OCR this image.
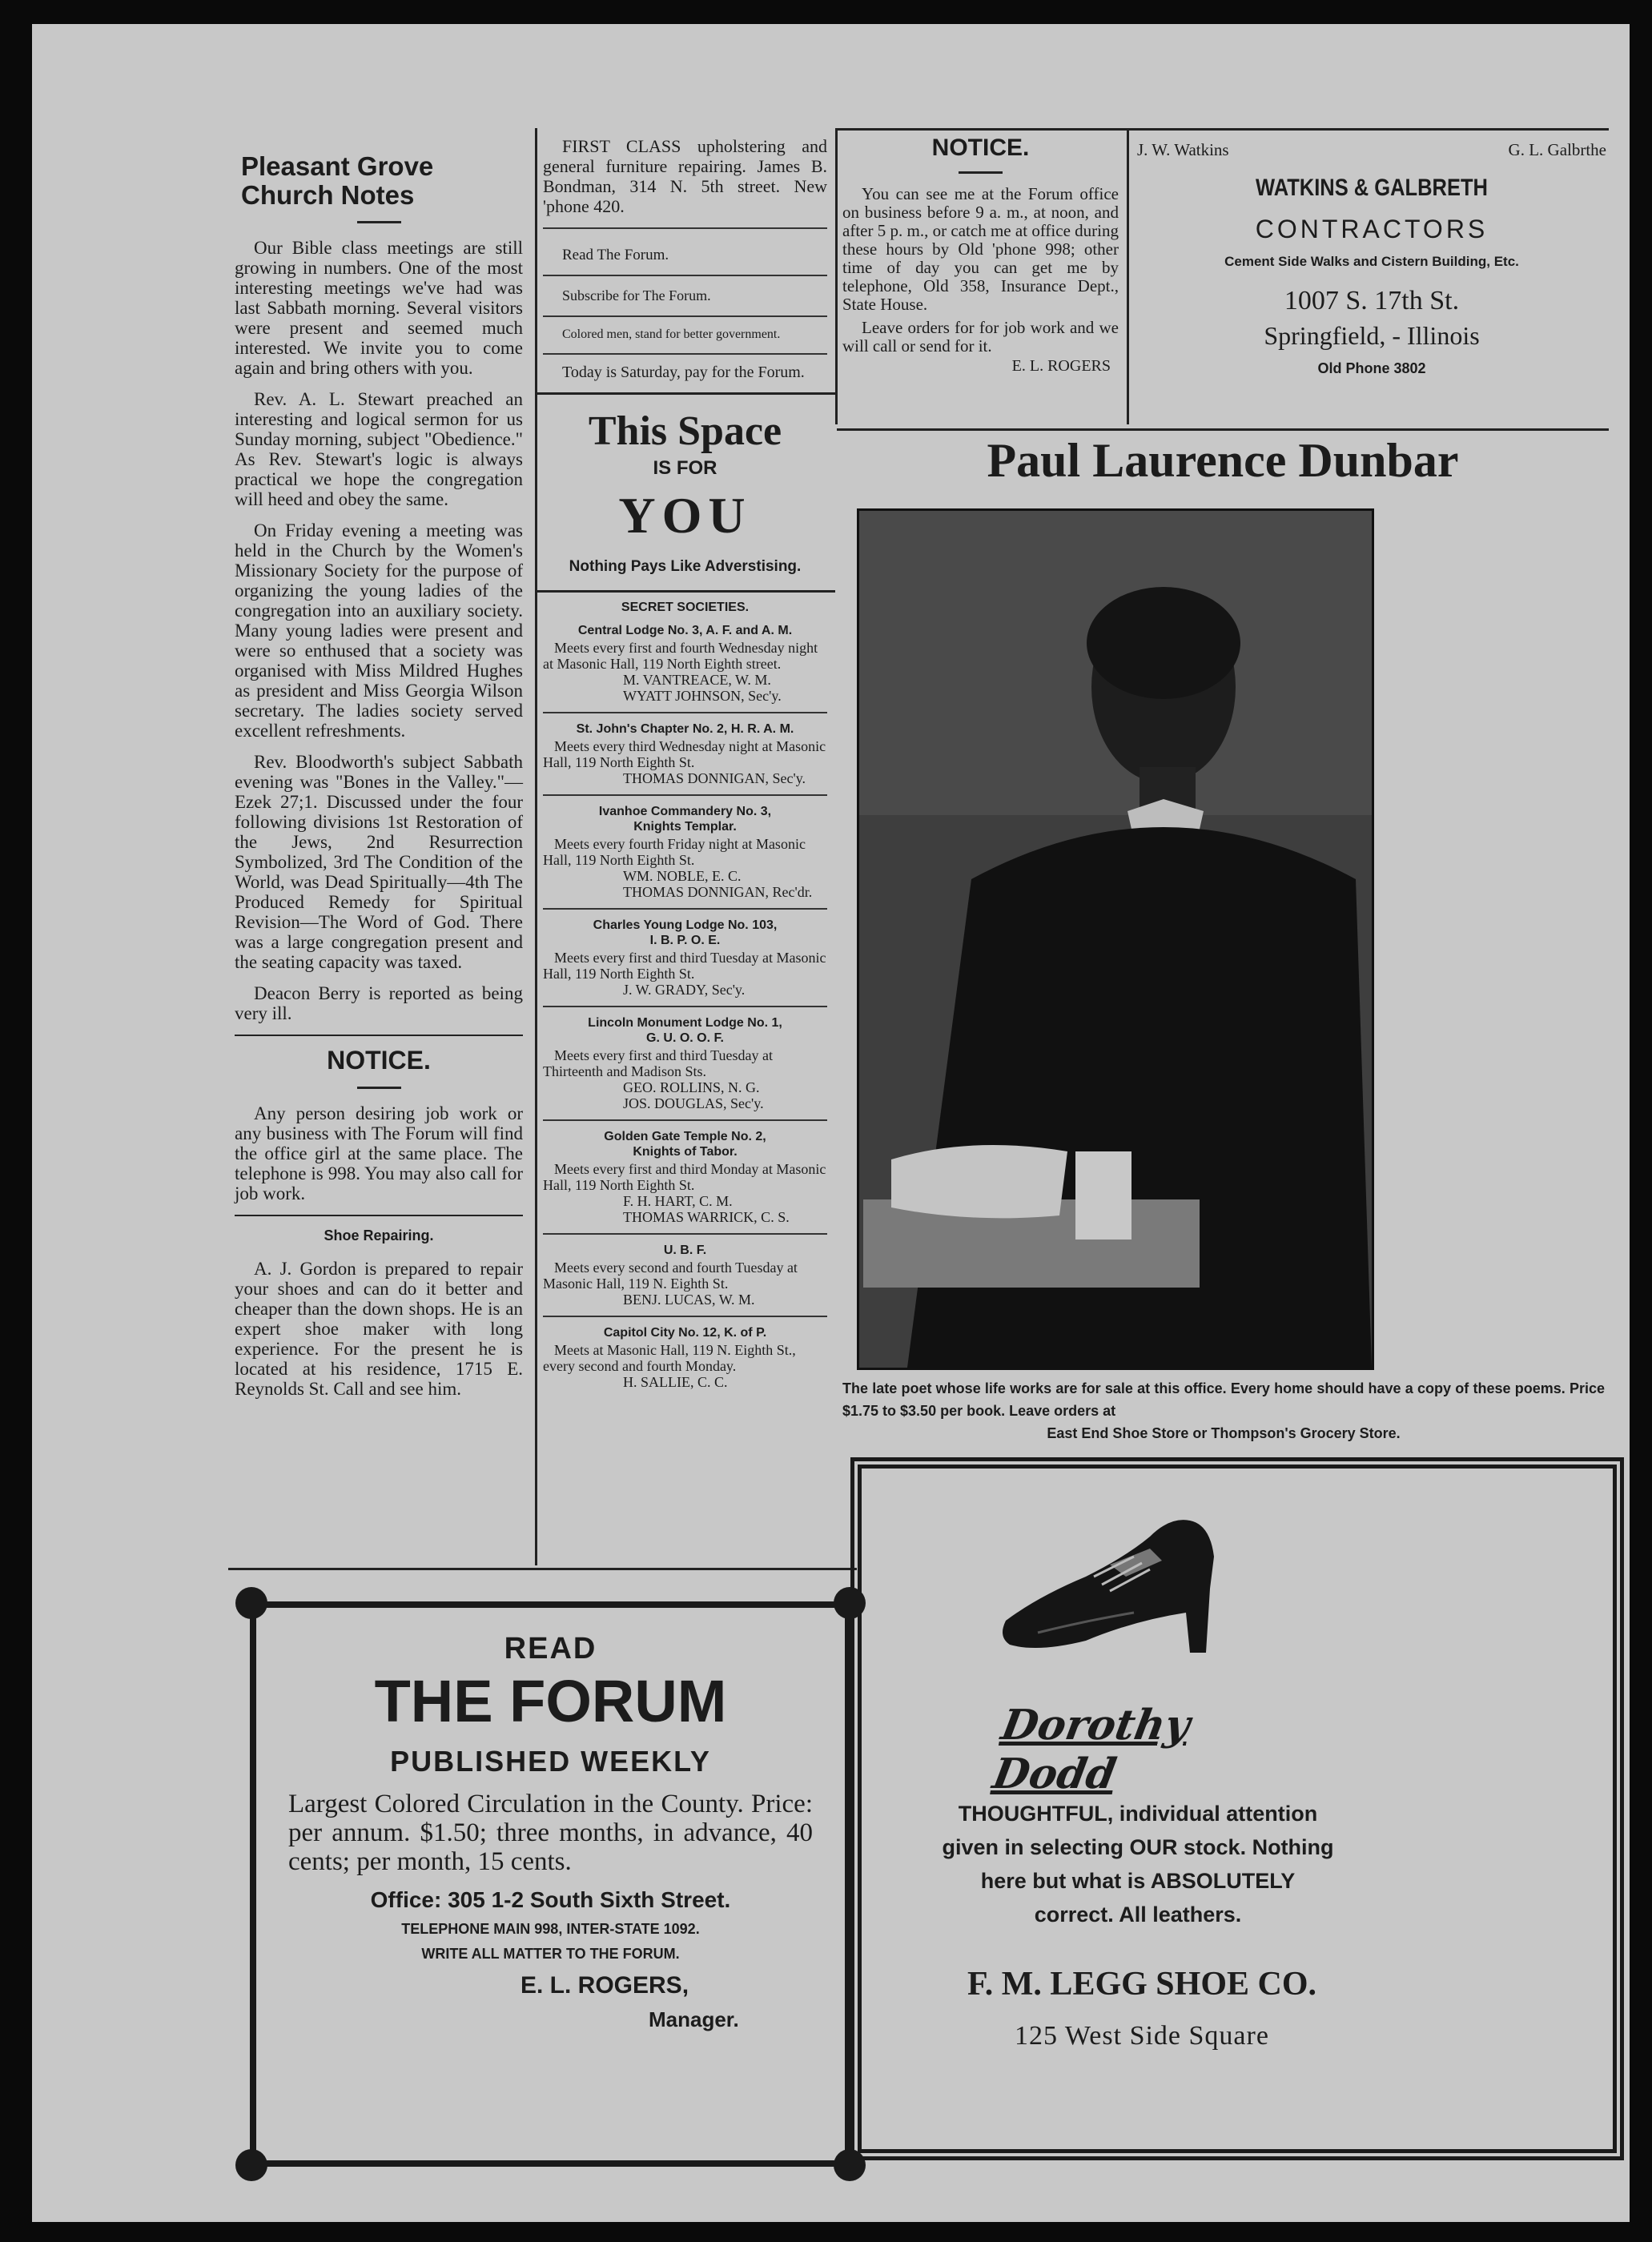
Pleasant Grove
Church Notes

Our Bible class meetings are still growing in numbers. One of the most interesting meetings we've had was last Sabbath morning. Several visitors were present and seemed much interested. We invite you to come again and bring others with you.

Rev. A. L. Stewart preached an interesting and logical sermon for us Sunday morning, subject "Obedience." As Rev. Stewart's logic is always practical we hope the congregation will heed and obey the same.

On Friday evening a meeting was held in the Church by the Women's Missionary Society for the purpose of organizing the young ladies of the congregation into an auxiliary society. Many young ladies were present and were so enthused that a society was organised with Miss Mildred Hughes as president and Miss Georgia Wilson secretary. The ladies society served excellent refreshments.

Rev. Bloodworth's subject Sabbath evening was "Bones in the Valley."—Ezek 27;1. Discussed under the four following divisions 1st Restoration of the Jews, 2nd Resurrection Symbolized, 3rd The Condition of the World, was Dead Spiritually—4th The Produced Remedy for Spiritual Revision—The Word of God. There was a large congregation present and the seating capacity was taxed.

Deacon Berry is reported as being very ill.

NOTICE.

Any person desiring job work or any business with The Forum will find the office girl at the same place. The telephone is 998. You may also call for job work.

Shoe Repairing.

A. J. Gordon is prepared to repair your shoes and can do it better and cheaper than the down shops. He is an expert shoe maker with long experience. For the present he is located at his residence, 1715 E. Reynolds St. Call and see him.

FIRST CLASS upholstering and general furniture repairing. James B. Bondman, 314 N. 5th street. New 'phone 420.

Read The Forum.

Subscribe for The Forum.

Colored men, stand for better government.

Today is Saturday, pay for the Forum.

This Space
IS FOR
YOU
Nothing Pays Like Adverstising.
SECRET SOCIETIES.
Central Lodge No. 3, A. F. and A. M.

Meets every first and fourth Wednesday night at Masonic Hall, 119 North Eighth street.

M. VANTREACE, W. M.
WYATT JOHNSON, Sec'y.
St. John's Chapter No. 2, H. R. A. M.

Meets every third Wednesday night at Masonic Hall, 119 North Eighth St.

THOMAS DONNIGAN, Sec'y.
Ivanhoe Commandery No. 3,
Knights Templar.

Meets every fourth Friday night at Masonic Hall, 119 North Eighth St.

WM. NOBLE, E. C.
THOMAS DONNIGAN, Rec'dr.
Charles Young Lodge No. 103,
I. B. P. O. E.

Meets every first and third Tuesday at Masonic Hall, 119 North Eighth St.

J. W. GRADY, Sec'y.
Lincoln Monument Lodge No. 1,
G. U. O. O. F.

Meets every first and third Tuesday at Thirteenth and Madison Sts.

GEO. ROLLINS, N. G.
JOS. DOUGLAS, Sec'y.
Golden Gate Temple No. 2,
Knights of Tabor.

Meets every first and third Monday at Masonic Hall, 119 North Eighth St.

F. H. HART, C. M.
THOMAS WARRICK, C. S.
U. B. F.

Meets every second and fourth Tuesday at Masonic Hall, 119 N. Eighth St.

BENJ. LUCAS, W. M.
Capitol City No. 12, K. of P.

Meets at Masonic Hall, 119 N. Eighth St., every second and fourth Monday.

H. SALLIE, C. C.
NOTICE.

You can see me at the Forum office on business before 9 a. m., at noon, and after 5 p. m., or catch me at office during these hours by Old 'phone 998; other time of day you can get me by telephone, Old 358, Insurance Dept., State House.

Leave orders for for job work and we will call or send for it.

E. L. ROGERS
J. W. Watkins	G. L. Galbrthe
WATKINS & GALBRETH
CONTRACTORS
Cement Side Walks and Cistern Building, Etc.
1007 S. 17th St.
Springfield, - Illinois
Old Phone 3802
Paul Laurence Dunbar
The late poet whose life works are for sale at this office. Every home should have a copy of these poems. Price $1.75 to $3.50 per book. Leave orders at
East End Shoe Store or Thompson's Grocery Store.
READ
THE FORUM
PUBLISHED WEEKLY
Largest Colored Circulation in the County. Price: per annum. $1.50; three months, in advance, 40 cents; per month, 15 cents.
Office: 305 1-2 South Sixth Street.
TELEPHONE MAIN 998, INTER-STATE 1092.
WRITE ALL MATTER TO THE FORUM.
E. L. ROGERS,
Manager.
Dorothy Dodd
THOUGHTFUL, individual attention given in selecting OUR stock. Nothing here but what is ABSOLUTELY correct. All leathers.
F. M. LEGG SHOE CO.
125 West Side Square
